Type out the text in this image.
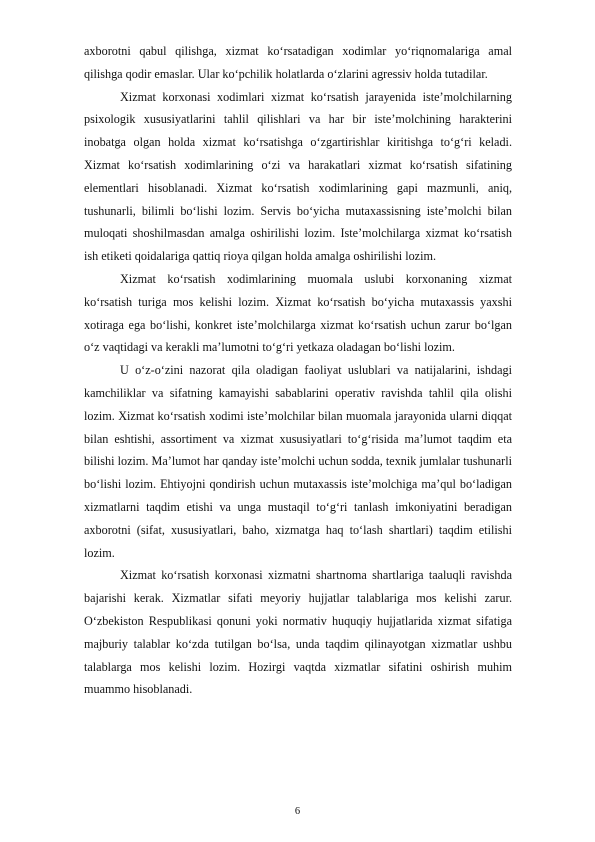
axborotni qabul qilishga, xizmat ko‘rsatadigan xodimlar yo‘riqnomalariga amal qilishga qodir emaslar. Ular ko‘pchilik holatlarda o‘zlarini agressiv holda tutadilar.

Xizmat korxonasi xodimlari xizmat ko‘rsatish jarayenida iste’molchilarning psixologik xususiyatlarini tahlil qilishlari va har bir iste’molchining harakterini inobatga olgan holda xizmat ko‘rsatishga o‘zgartirishlar kiritishga to‘g‘ri keladi. Xizmat ko‘rsatish xodimlarining o‘zi va harakatlari xizmat ko‘rsatish sifatining elementlari hisoblanadi. Xizmat ko‘rsatish xodimlarining gapi mazmunli, aniq, tushunarli, bilimli bo‘lishi lozim. Servis bo‘yicha mutaxassisning iste’molchi bilan muloqati shoshilmasdan amalga oshirilishi lozim. Iste’molchilarga xizmat ko‘rsatish ish etiketi qoidalariga qattiq rioya qilgan holda amalga oshirilishi lozim.

Xizmat ko‘rsatish xodimlarining muomala uslubi korxonaning xizmat ko‘rsatish turiga mos kelishi lozim. Xizmat ko‘rsatish bo‘yicha mutaxassis yaxshi xotiraga ega bo‘lishi, konkret iste’molchilarga xizmat ko‘rsatish uchun zarur bo‘lgan o‘z vaqtidagi va kerakli ma’lumotni to‘g‘ri yetkaza oladagan bo‘lishi lozim.

U o‘z-o‘zini nazorat qila oladigan faoliyat uslublari va natijalarini, ishdagi kamchiliklar va sifatning kamayishi sabablarini operativ ravishda tahlil qila olishi lozim. Xizmat ko‘rsatish xodimi iste’molchilar bilan muomala jarayonida ularni diqqat bilan eshtishi, assortiment va xizmat xususiyatlari to‘g‘risida ma’lumot taqdim eta bilishi lozim. Ma’lumot har qanday iste’molchi uchun sodda, texnik jumlalar tushunarli bo‘lishi lozim. Ehtiyojni qondirish uchun mutaxassis iste’molchiga ma’qul bo‘ladigan xizmatlarni taqdim etishi va unga mustaqil to‘g‘ri tanlash imkoniyatini beradigan axborotni (sifat, xususiyatlari, baho, xizmatga haq to‘lash shartlari) taqdim etilishi lozim.

Xizmat ko‘rsatish korxonasi xizmatni shartnoma shartlariga taaluqli ravishda bajarishi kerak. Xizmatlar sifati meyoriy hujjatlar talablariga mos kelishi zarur. O‘zbekiston Respublikasi qonuni yoki normativ huquqiy hujjatlarida xizmat sifatiga majburiy talablar ko‘zda tutilgan bo‘lsa, unda taqdim qilinayotgan xizmatlar ushbu talablarga mos kelishi lozim. Hozirgi vaqtda xizmatlar sifatini oshirish muhim muammo hisoblanadi.

6
